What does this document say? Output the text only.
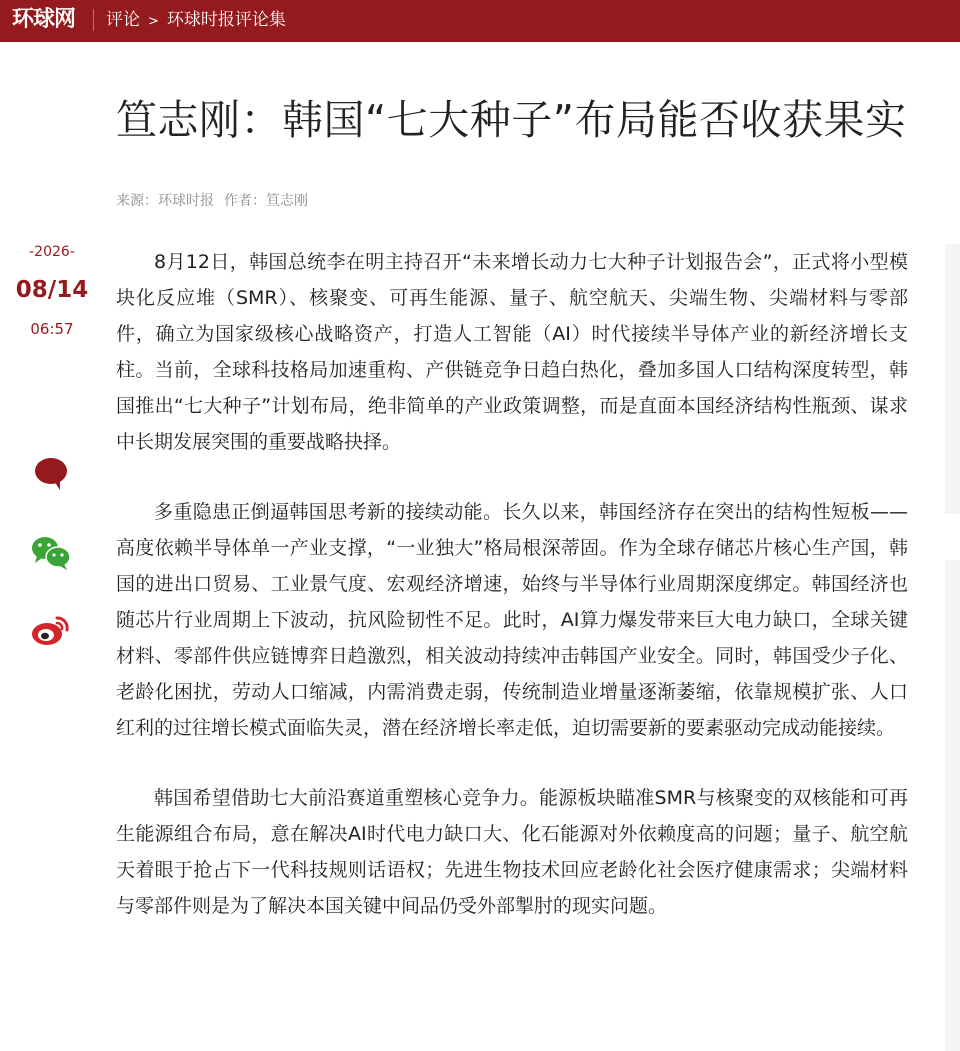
环球网 评论 > 环球时报评论集
笪志刚：韩国“七大种子”布局能否收获果实
来源：环球时报 作者：笪志刚
-2026-
08/14
06:57

8月12日，韩国总统李在明主持召开“未来增长动力七大种子计划报告会”，正式将小型模块化反应堆（SMR）、核聚变、可再生能源、量子、航空航天、尖端生物、尖端材料与零部件，确立为国家级核心战略资产，打造人工智能（AI）时代接续半导体产业的新经济增长支柱。当前，全球科技格局加速重构、产供链竞争日趋白热化，叠加多国人口结构深度转型，韩国推出“七大种子”计划布局，绝非简单的产业政策调整，而是直面本国经济结构性瓶颈、谋求中长期发展突围的重要战略抉择。

多重隐患正倒逼韩国思考新的接续动能。长久以来，韩国经济存在突出的结构性短板——高度依赖半导体单一产业支撑，“一业独大”格局根深蒂固。作为全球存储芯片核心生产国，韩国的进出口贸易、工业景气度、宏观经济增速，始终与半导体行业周期深度绑定。韩国经济也随芯片行业周期上下波动，抗风险韧性不足。此时，AI算力爆发带来巨大电力缺口，全球关键材料、零部件供应链博弈日趋激烈，相关波动持续冲击韩国产业安全。同时，韩国受少子化、老龄化困扰，劳动人口缩减，内需消费走弱，传统制造业增量逐渐萎缩，依靠规模扩张、人口红利的过往增长模式面临失灵，潜在经济增长率走低，迫切需要新的要素驱动完成动能接续。

韩国希望借助七大前沿赛道重塑核心竞争力。能源板块瞄准SMR与核聚变的双核能和可再生能源组合布局，意在解决AI时代电力缺口大、化石能源对外依赖度高的问题；量子、航空航天着眼于抢占下一代科技规则话语权；先进生物技术回应老龄化社会医疗健康需求；尖端材料与零部件则是为了解决本国关键中间品仍受外部掣肘的现实问题。
